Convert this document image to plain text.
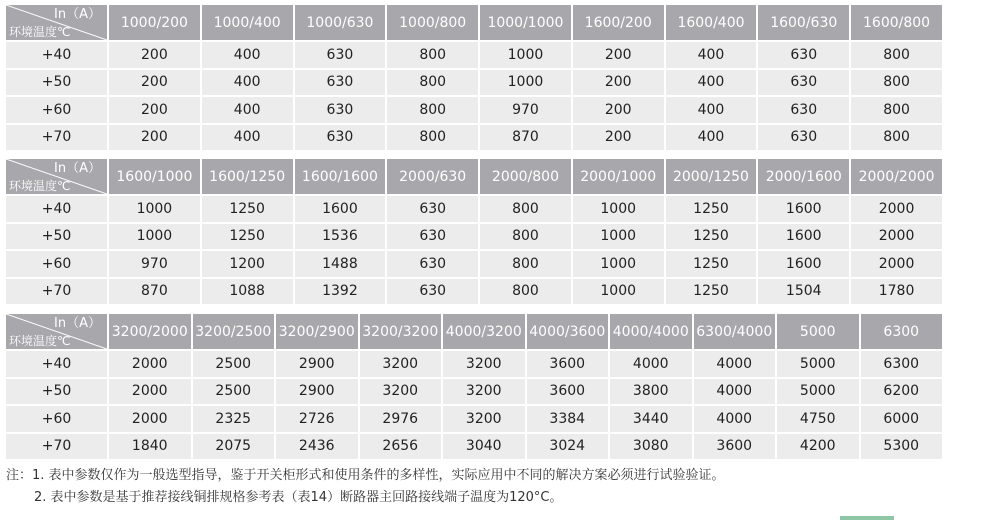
In（A）
环境温度℃	1000/200	1000/400	1000/630	1000/800	1000/1000	1600/200	1600/400	1600/630	1600/800
+40	200	400	630	800	1000	200	400	630	800
+50	200	400	630	800	1000	200	400	630	800
+60	200	400	630	800	970	200	400	630	800
+70	200	400	630	800	870	200	400	630	800
In（A）
环境温度℃	1600/1000	1600/1250	1600/1600	2000/630	2000/800	2000/1000	2000/1250	2000/1600	2000/2000
+40	1000	1250	1600	630	800	1000	1250	1600	2000
+50	1000	1250	1536	630	800	1000	1250	1600	2000
+60	970	1200	1488	630	800	1000	1250	1600	2000
+70	870	1088	1392	630	800	1000	1250	1504	1780
In（A）
环境温度℃	3200/2000	3200/2500	3200/2900	3200/3200	4000/3200	4000/3600	4000/4000	6300/4000	5000	6300
+40	2000	2500	2900	3200	3200	3600	4000	4000	5000	6300
+50	2000	2500	2900	3200	3200	3600	3800	4000	5000	6200
+60	2000	2325	2726	2976	3200	3384	3440	4000	4750	6000
+70	1840	2075	2436	2656	3040	3024	3080	3600	4200	5300
注：1. 表中参数仅作为一般选型指导，鉴于开关柜形式和使用条件的多样性，实际应用中不同的解决方案必须进行试验验证。
2. 表中参数是基于推荐接线铜排规格参考表（表14）断路器主回路接线端子温度为120°C。
